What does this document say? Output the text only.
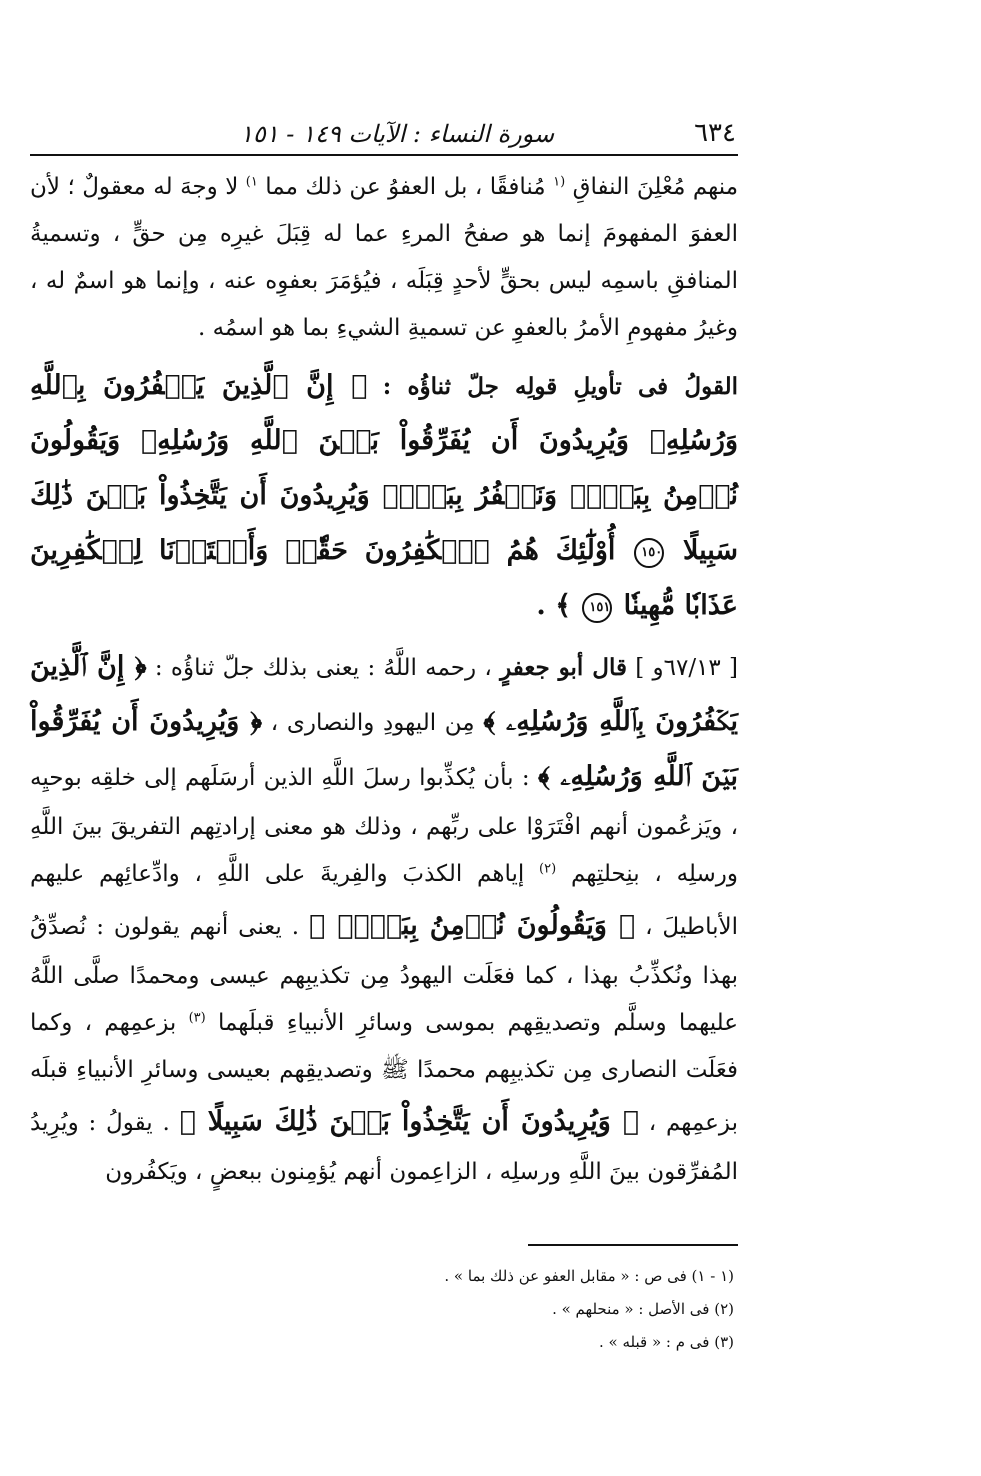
٦٣٤
سورة النساء : الآيات ١٤٩ - ١٥١

منهم مُعْلِنَ النفاقِ $^{(١}$ مُنافقًا ، بل العفوُ عن ذلك مما $^{١)}$ لا وجهَ له معقولٌ ؛ لأن العفوَ المفهومَ إنما هو صفحُ المرءِ عما له قِبَلَ غيرِه مِن حقٍّ ، وتسميةُ المنافقِ باسمِه ليس بحقٍّ لأحدٍ قِبَلَه ، فيُؤمَرَ بعفوِه عنه ، وإنما هو اسمٌ له ، وغيرُ مفهومِ الأمرُ بالعفوِ عن تسميةِ الشيءِ بما هو اسمُه .

القولُ فى تأويلِ قولِه جلّ ثناؤُه : ﴿ إِنَّ ٱلَّذِينَ يَكۡفُرُونَ بِٱللَّهِ وَرُسُلِهِۦ وَيُرِيدُونَ أَن يُفَرِّقُواْ بَيۡنَ ٱللَّهِ وَرُسُلِهِۦ وَيَقُولُونَ نُؤۡمِنُ بِبَعۡضٖ وَنَكۡفُرُ بِبَعۡضٖ وَيُرِيدُونَ أَن يَتَّخِذُواْ بَيۡنَ ذَٰلِكَ سَبِيلًا ١٥٠ أُوْلَٰٓئِكَ هُمُ ٱلۡكَٰفِرُونَ حَقّٗاۚ وَأَعۡتَدۡنَا لِلۡكَٰفِرِينَ عَذَابٗا مُّهِينٗا ١٥١ ﴾ .

[ ٦٧/١٣و ] قال أبو جعفرٍ ، رحمه اللَّهُ : يعنى بذلك جلّ ثناؤُه : ﴿ إِنَّ ٱلَّذِينَ يَكۡفُرُونَ بِٱللَّهِ وَرُسُلِهِۦ ﴾ مِن اليهودِ والنصارى ، ﴿ وَيُرِيدُونَ أَن يُفَرِّقُواْ بَيۡنَ ٱللَّهِ وَرُسُلِهِۦ ﴾ : بأن يُكذِّبوا رسلَ اللَّهِ الذين أرسَلَهم إلى خلقِه بوحيِه ، ويَزعُمون أنهم افْتَرَوْا على ربِّهم ، وذلك هو معنى إرادتِهم التفريقَ بينَ اللَّهِ ورسلِه ، بنِحلتِهم $^{(٢)}$ إياهم الكذبَ والفِريةَ على اللَّهِ ، وادِّعائِهم عليهم الأباطيلَ ، ﴿ وَيَقُولُونَ نُؤۡمِنُ بِبَعۡضٖ ﴾ . يعنى أنهم يقولون : نُصدِّقُ بهذا ونُكذِّبُ بهذا ، كما فعَلَت اليهودُ مِن تكذيبِهم عيسى ومحمدًا صلَّى اللَّهُ عليهما وسلَّم وتصديقِهم بموسى وسائرِ الأنبياءِ قبلَهما $^{(٣)}$ بزعمِهم ، وكما فعَلَت النصارى مِن تكذيبِهم محمدًا ﷺ وتصديقِهم بعيسى وسائرِ الأنبياءِ قبلَه بزعمِهم ، ﴿ وَيُرِيدُونَ أَن يَتَّخِذُواْ بَيۡنَ ذَٰلِكَ سَبِيلًا ﴾ . يقولُ : ويُرِيدُ المُفرِّقون بينَ اللَّهِ ورسلِه ، الزاعِمون أنهم يُؤمِنون ببعضٍ ، ويَكفُرون

(١ - ١) فى ص : « مقابل العفو عن ذلك بما » .

(٢) فى الأصل : « منحلهم » .

(٣) فى م : « قبله » .
